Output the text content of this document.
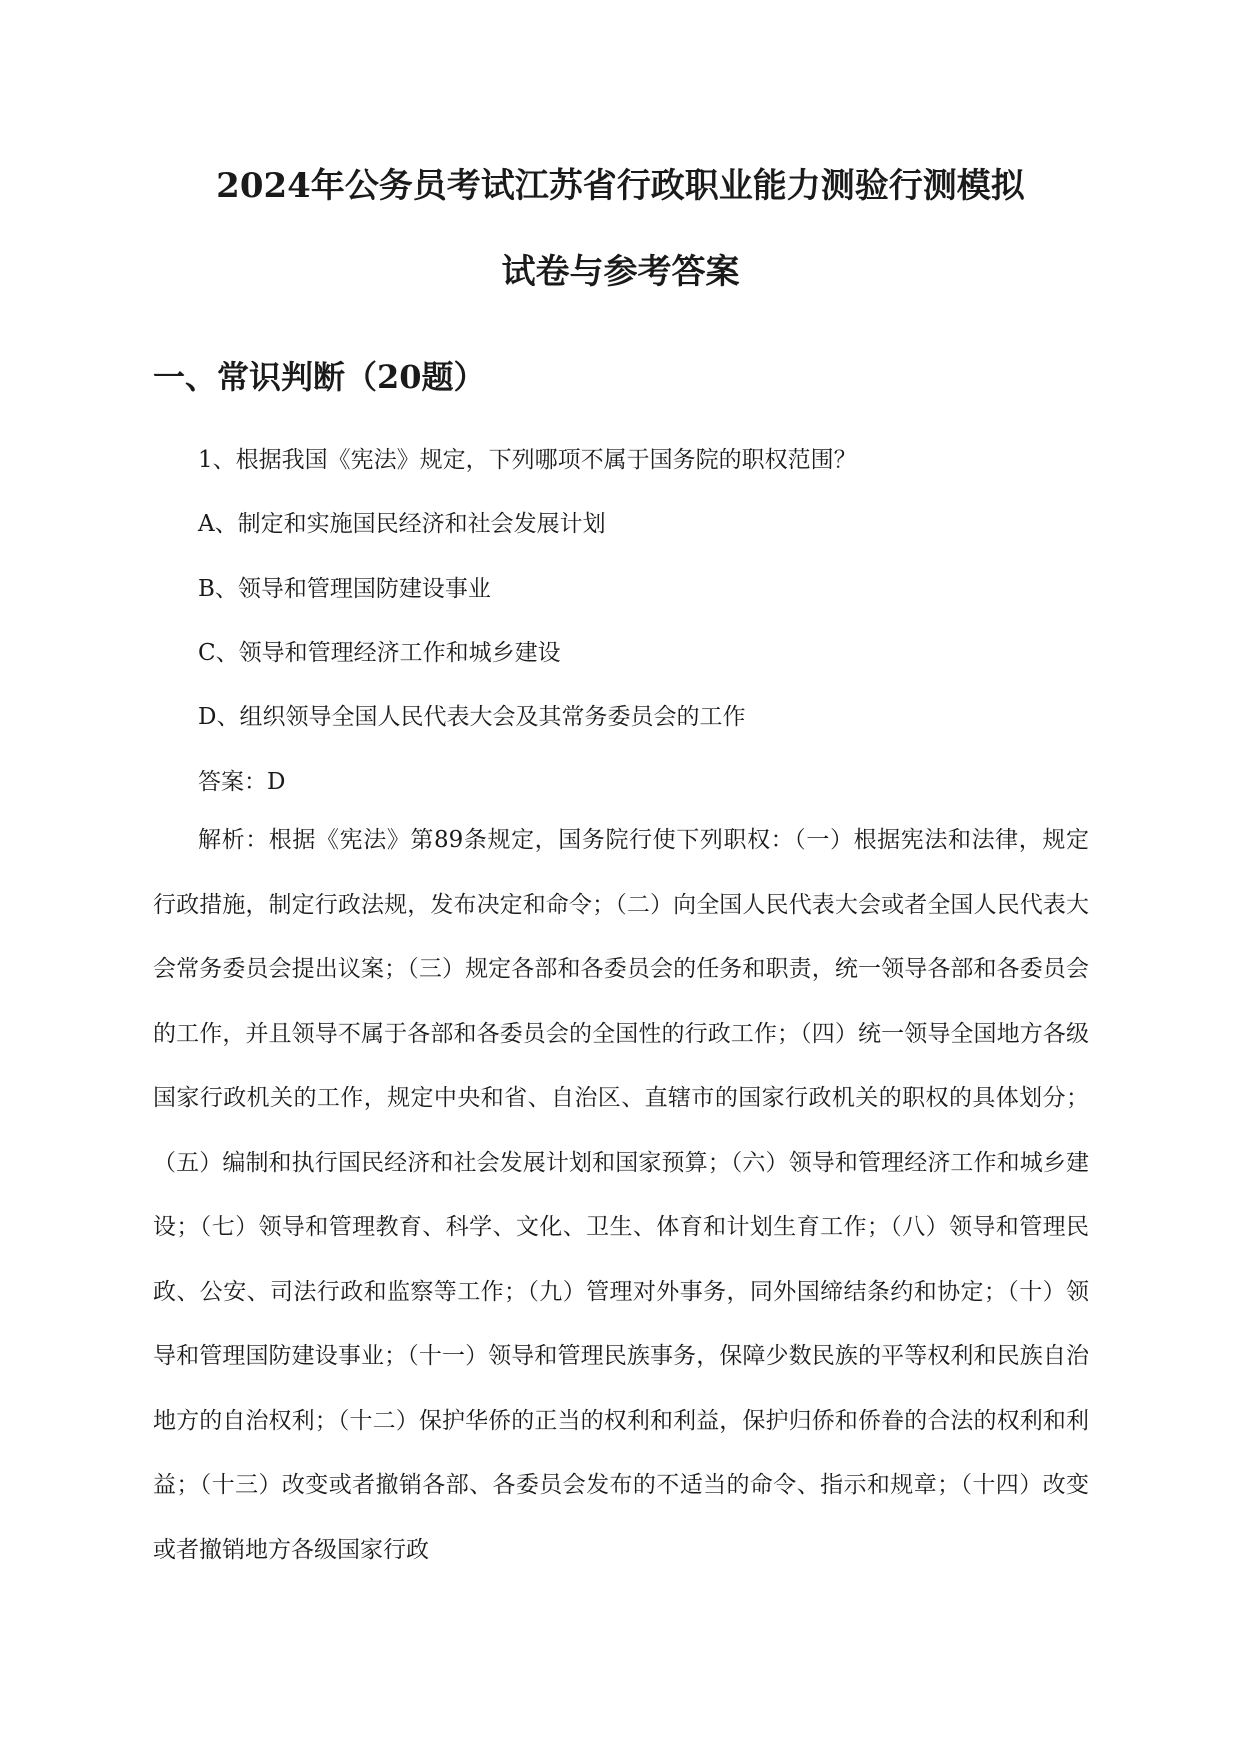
2024年公务员考试江苏省行政职业能力测验行测模拟
试卷与参考答案
一、常识判断（20题）
1、根据我国《宪法》规定，下列哪项不属于国务院的职权范围？
A、制定和实施国民经济和社会发展计划
B、领导和管理国防建设事业
C、领导和管理经济工作和城乡建设
D、组织领导全国人民代表大会及其常务委员会的工作
答案：D

解析：根据《宪法》第89条规定，国务院行使下列职权：（一）根据宪法和法律，规定行政措施，制定行政法规，发布决定和命令；（二）向全国人民代表大会或者全国人民代表大会常务委员会提出议案；（三）规定各部和各委员会的任务和职责，统一领导各部和各委员会的工作，并且领导不属于各部和各委员会的全国性的行政工作；（四）统一领导全国地方各级国家行政机关的工作，规定中央和省、自治区、直辖市的国家行政机关的职权的具体划分；（五）编制和执行国民经济和社会发展计划和国家预算；（六）领导和管理经济工作和城乡建设；（七）领导和管理教育、科学、文化、卫生、体育和计划生育工作；（八）领导和管理民政、公安、司法行政和监察等工作；（九）管理对外事务，同外国缔结条约和协定；（十）领导和管理国防建设事业；（十一）领导和管理民族事务，保障少数民族的平等权利和民族自治地方的自治权利；（十二）保护华侨的正当的权利和利益，保护归侨和侨眷的合法的权利和利益；（十三）改变或者撤销各部、各委员会发布的不适当的命令、指示和规章；（十四）改变或者撤销地方各级国家行政
